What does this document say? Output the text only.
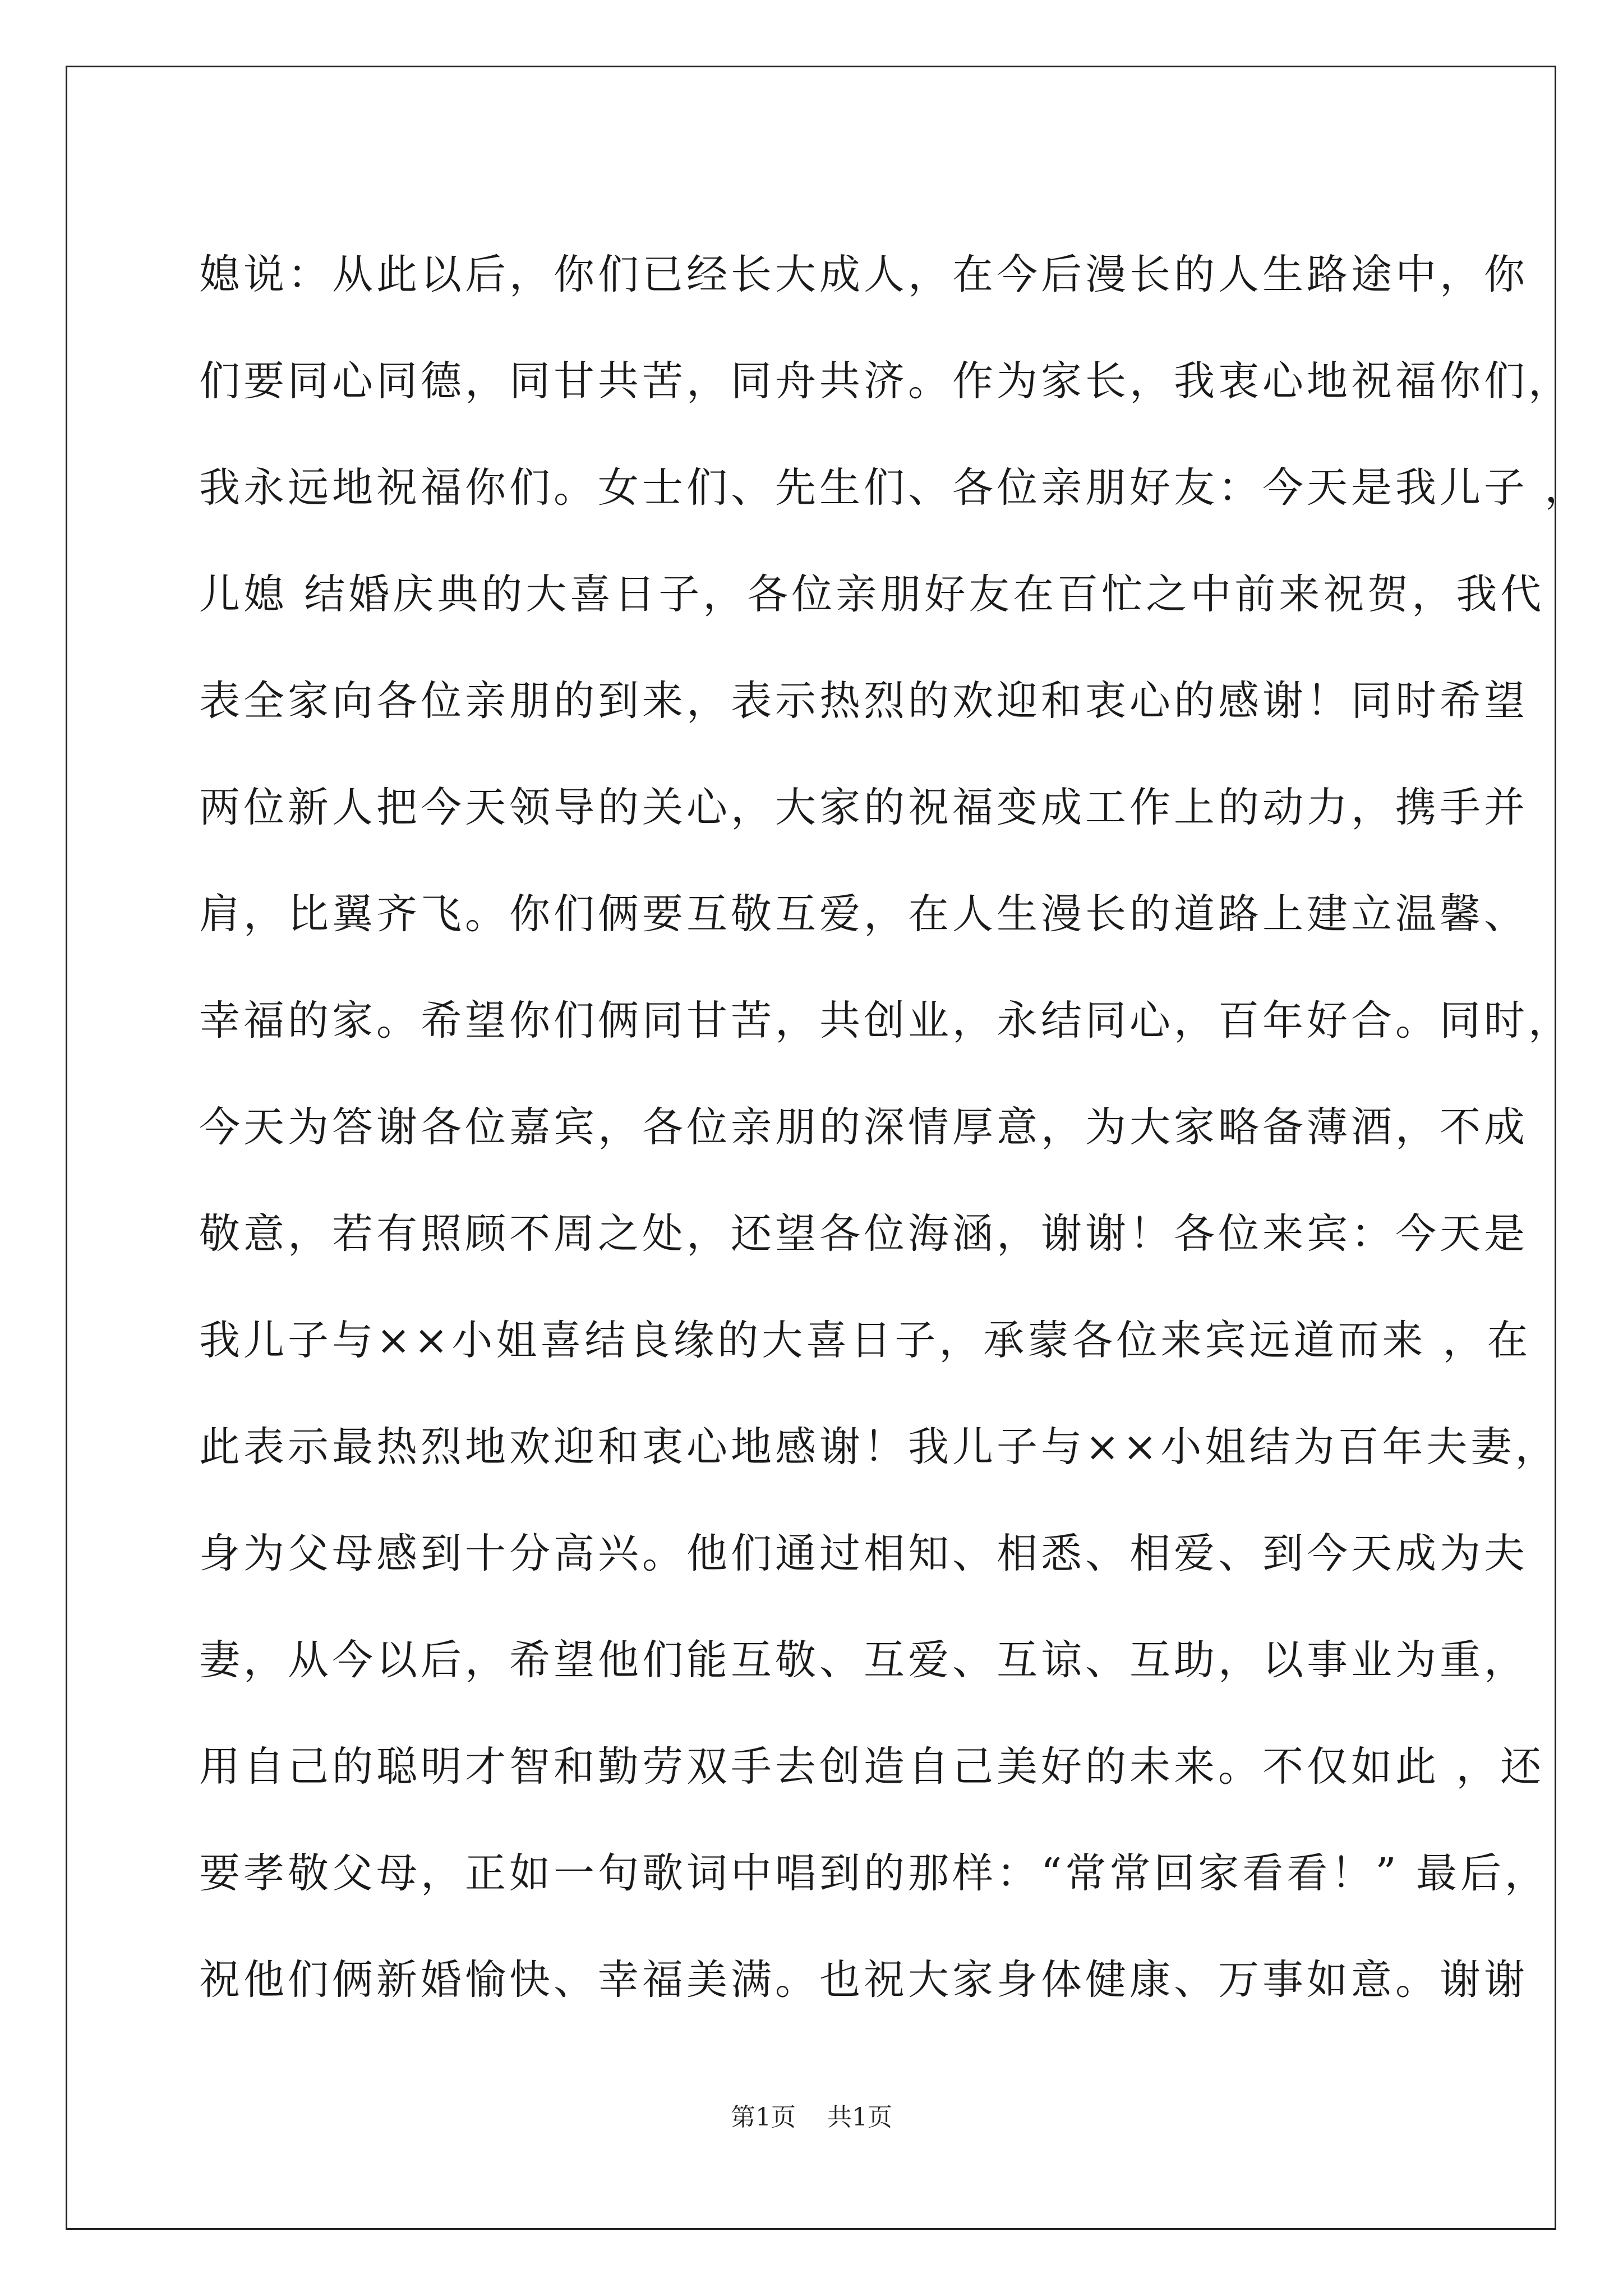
媳说：从此以后，你们已经长大成人，在今后漫长的人生路途中，你
们要同心同德，同甘共苦，同舟共济。作为家长，我衷心地祝福你们，
我永远地祝福你们。女士们、先生们、各位亲朋好友：今天是我儿子 ，
儿媳 结婚庆典的大喜日子，各位亲朋好友在百忙之中前来祝贺，我代
表全家向各位亲朋的到来，表示热烈的欢迎和衷心的感谢！同时希望
两位新人把今天领导的关心，大家的祝福变成工作上的动力，携手并
肩，比翼齐飞。你们俩要互敬互爱，在人生漫长的道路上建立温馨、
幸福的家。希望你们俩同甘苦，共创业，永结同心，百年好合。同时，
今天为答谢各位嘉宾，各位亲朋的深情厚意，为大家略备薄酒，不成
敬意，若有照顾不周之处，还望各位海涵，谢谢！各位来宾：今天是
我儿子与××小姐喜结良缘的大喜日子，承蒙各位来宾远道而来 ，在
此表示最热烈地欢迎和衷心地感谢！我儿子与××小姐结为百年夫妻，
身为父母感到十分高兴。他们通过相知、相悉、相爱、到今天成为夫
妻，从今以后，希望他们能互敬、互爱、互谅、互助，以事业为重，
用自己的聪明才智和勤劳双手去创造自己美好的未来。不仅如此 ，还
要孝敬父母，正如一句歌词中唱到的那样：“常常回家看看！” 最后，
祝他们俩新婚愉快、幸福美满。也祝大家身体健康、万事如意。谢谢
第1页 共1页
